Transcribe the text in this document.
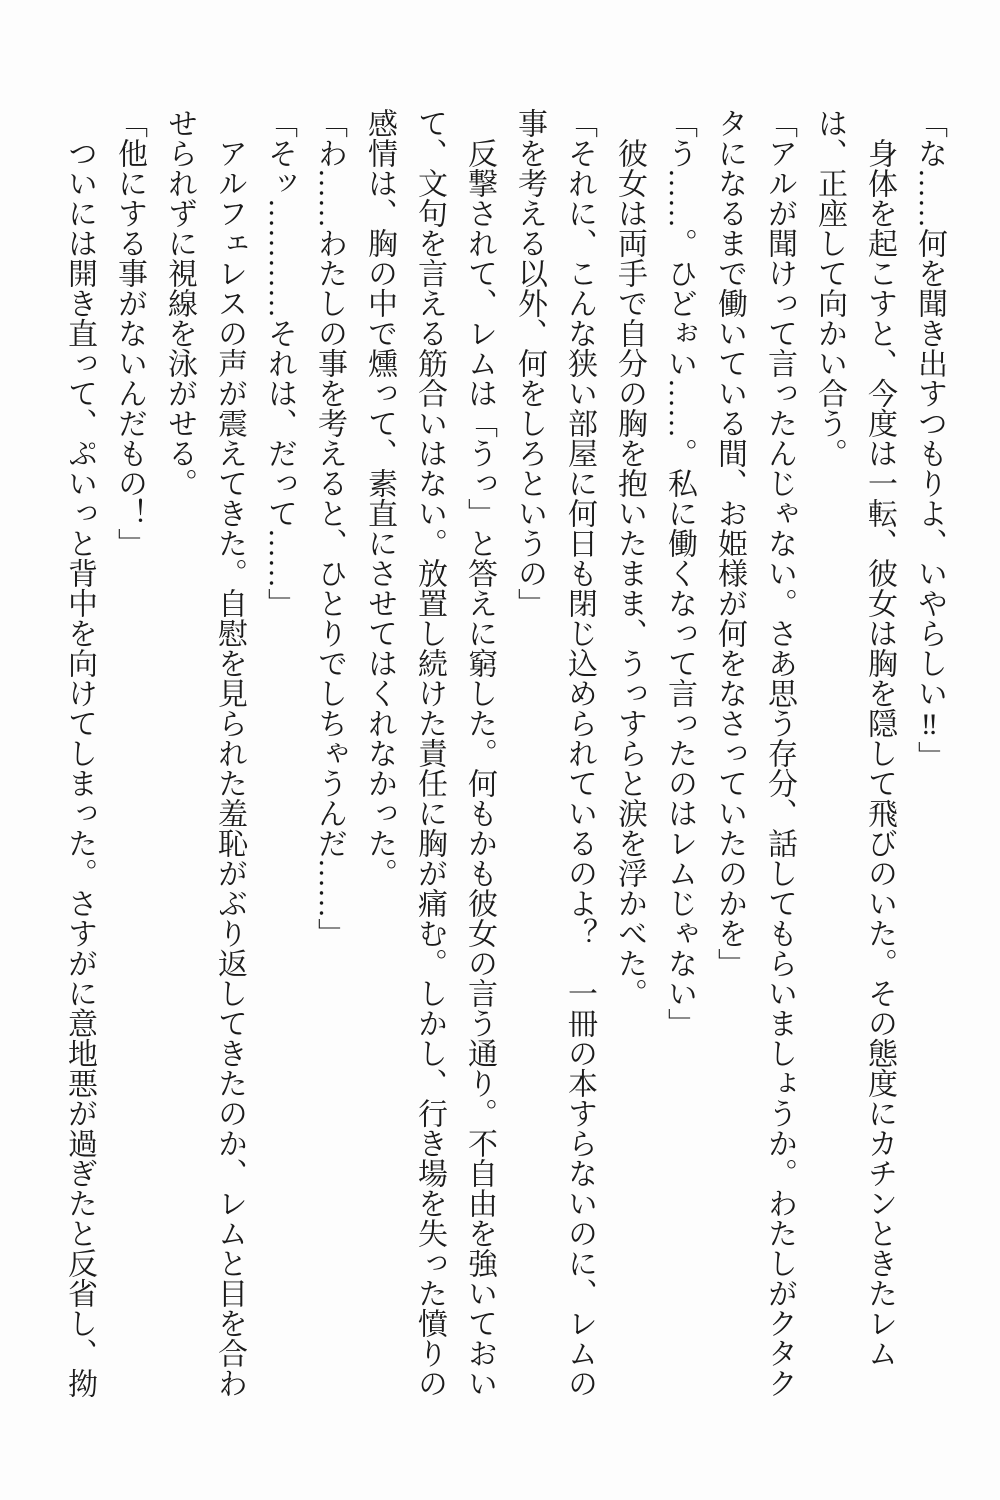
「な……何を聞き出すつもりよ、いやらしい‼」

身体を起こすと、今度は一転、彼女は胸を隠して飛びのいた。その態度にカチンときたレムは、正座して向かい合う。

「アルが聞けって言ったんじゃない。さあ思う存分、話してもらいましょうか。わたしがクタクタになるまで働いている間、お姫様が何をなさっていたのかを」

「う……。ひどぉい……。私に働くなって言ったのはレムじゃない」

彼女は両手で自分の胸を抱いたまま、うっすらと涙を浮かべた。

「それに、こんな狭い部屋に何日も閉じ込められているのよ？　一冊の本すらないのに、レムの事を考える以外、何をしろというの」

反撃されて、レムは「うっ」と答えに窮した。何もかも彼女の言う通り。不自由を強いておいて、文句を言える筋合いはない。放置し続けた責任に胸が痛む。しかし、行き場を失った憤りの感情は、胸の中で燻って、素直にさせてはくれなかった。

「わ……わたしの事を考えると、ひとりでしちゃうんだ……」

「そッ…………それは、だって……」

アルフェレスの声が震えてきた。自慰を見られた羞恥がぶり返してきたのか、レムと目を合わせられずに視線を泳がせる。

「他にする事がないんだもの！」

ついには開き直って、ぷいっと背中を向けてしまった。さすがに意地悪が過ぎたと反省し、拗
